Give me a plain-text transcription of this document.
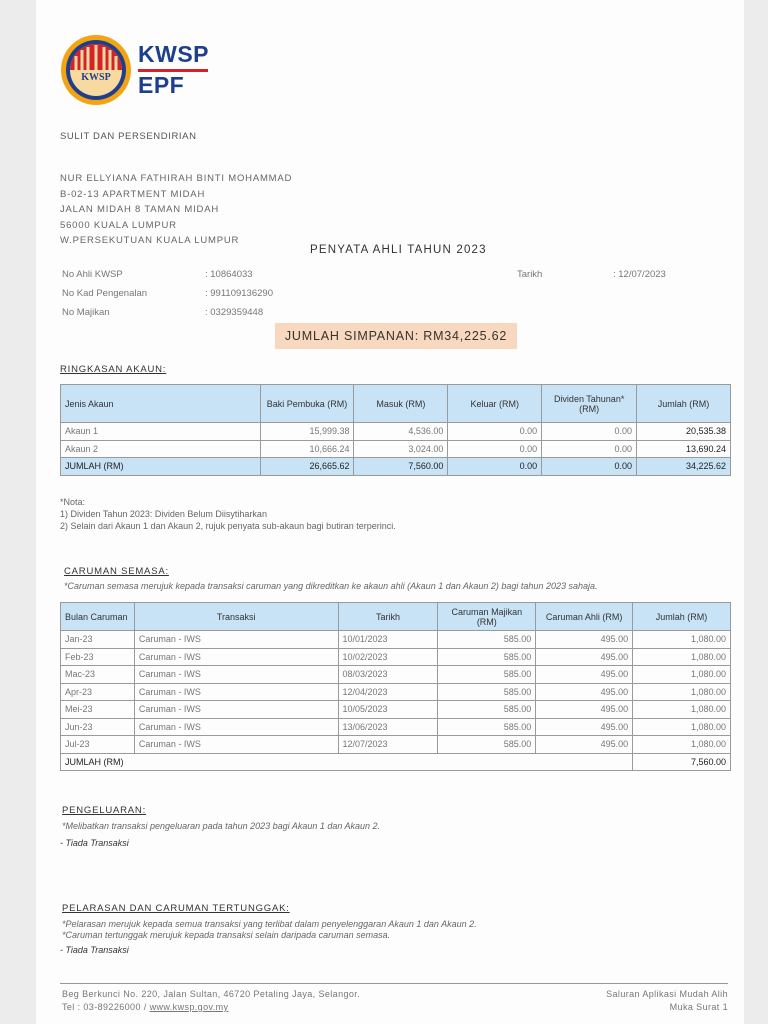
KWSP
KWSP
EPF
SULIT DAN PERSENDIRIAN
NUR ELLYIANA FATHIRAH BINTI MOHAMMAD
B-02-13 APARTMENT MIDAH
JALAN MIDAH 8 TAMAN MIDAH
56000 KUALA LUMPUR
W.PERSEKUTUAN KUALA LUMPUR
PENYATA AHLI TAHUN 2023
No Ahli KWSP	: 10864033	Tarikh	: 12/07/2023
No Kad Pengenalan	: 991109136290
No Majikan	: 0329359448
JUMLAH SIMPANAN: RM34,225.62
RINGKASAN AKAUN:
Jenis Akaun	Baki Pembuka (RM)	Masuk (RM)	Keluar (RM)	Dividen Tahunan* (RM)	Jumlah (RM)
Akaun 1	15,999.38	4,536.00	0.00	0.00	20,535.38
Akaun 2	10,666.24	3,024.00	0.00	0.00	13,690.24
JUMLAH (RM)	26,665.62	7,560.00	0.00	0.00	34,225.62
*Nota:
1) Dividen Tahun 2023: Dividen Belum Diisytiharkan
2) Selain dari Akaun 1 dan Akaun 2, rujuk penyata sub-akaun bagi butiran terperinci.
CARUMAN SEMASA:
*Caruman semasa merujuk kepada transaksi caruman yang dikreditkan ke akaun ahli (Akaun 1 dan Akaun 2) bagi tahun 2023 sahaja.
Bulan Caruman	Transaksi	Tarikh	Caruman Majikan (RM)	Caruman Ahli (RM)	Jumlah (RM)
Jan-23	Caruman - IWS	10/01/2023	585.00	495.00	1,080.00
Feb-23	Caruman - IWS	10/02/2023	585.00	495.00	1,080.00
Mac-23	Caruman - IWS	08/03/2023	585.00	495.00	1,080.00
Apr-23	Caruman - IWS	12/04/2023	585.00	495.00	1,080.00
Mei-23	Caruman - IWS	10/05/2023	585.00	495.00	1,080.00
Jun-23	Caruman - IWS	13/06/2023	585.00	495.00	1,080.00
Jul-23	Caruman - IWS	12/07/2023	585.00	495.00	1,080.00
JUMLAH (RM)					7,560.00
PENGELUARAN:
*Melibatkan transaksi pengeluaran pada tahun 2023 bagi Akaun 1 dan Akaun 2.
- Tiada Transaksi
PELARASAN DAN CARUMAN TERTUNGGAK:
*Pelarasan merujuk kepada semua transaksi yang terlibat dalam penyelenggaran Akaun 1 dan Akaun 2.
*Caruman tertunggak merujuk kepada transaksi selain daripada caruman semasa.
- Tiada Transaksi
Beg Berkunci No. 220, Jalan Sultan, 46720 Petaling Jaya, Selangor.
Tel : 03-89226000 / www.kwsp.gov.my
Saluran Aplikasi Mudah Alih
Muka Surat 1
